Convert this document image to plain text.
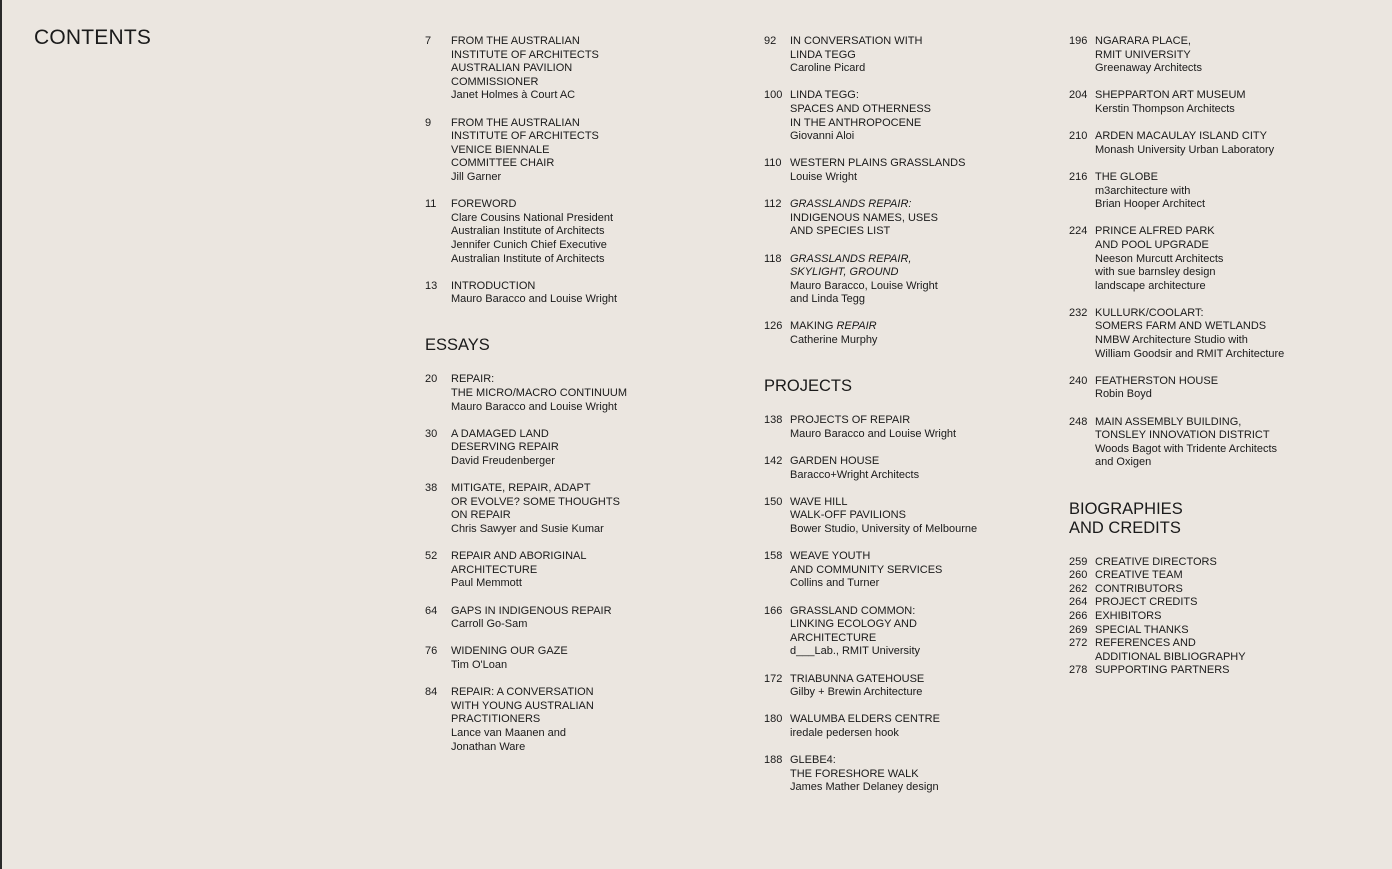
CONTENTS	7	FROM THE AUSTRALIAN
INSTITUTE OF ARCHITECTS
AUSTRALIAN PAVILION
COMMISSIONER
Janet Holmes à Court AC
9	FROM THE AUSTRALIAN
INSTITUTE OF ARCHITECTS
VENICE BIENNALE
COMMITTEE CHAIR
Jill Garner
11	FOREWORD
Clare Cousins National President
Australian Institute of Architects
Jennifer Cunich Chief Executive
Australian Institute of Architects
13	INTRODUCTION
Mauro Baracco and Louise Wright
ESSAYS
20	REPAIR:
THE MICRO/MACRO CONTINUUM
Mauro Baracco and Louise Wright
30	A DAMAGED LAND
DESERVING REPAIR
David Freudenberger
38	MITIGATE, REPAIR, ADAPT
OR EVOLVE? SOME THOUGHTS
ON REPAIR
Chris Sawyer and Susie Kumar
52	REPAIR AND ABORIGINAL
ARCHITECTURE
Paul Memmott
64	GAPS IN INDIGENOUS REPAIR
Carroll Go-Sam
76	WIDENING OUR GAZE
Tim O'Loan
84	REPAIR: A CONVERSATION
WITH YOUNG AUSTRALIAN
PRACTITIONERS
Lance van Maanen and
Jonathan Ware
92	IN CONVERSATION WITH
LINDA TEGG
Caroline Picard
100 LINDA TEGG:
SPACES AND OTHERNESS
IN THE ANTHROPOCENE
Giovanni Aloi
110 WESTERN PLAINS GRASSLANDS
Louise Wright
112 GRASSLANDS REPAIR:
INDIGENOUS NAMES, USES
AND SPECIES LIST
118 GRASSLANDS REPAIR,
SKYLIGHT, GROUND
Mauro Baracco, Louise Wright
and Linda Tegg
126 MAKING REPAIR
Catherine Murphy
PROJECTS
138 PROJECTS OF REPAIR
Mauro Baracco and Louise Wright
142 GARDEN HOUSE
Baracco+Wright Architects
150 WAVE HILL
WALK-OFF PAVILIONS
Bower Studio, University of Melbourne
158 WEAVE YOUTH
AND COMMUNITY SERVICES
Collins and Turner
166 GRASSLAND COMMON:
LINKING ECOLOGY AND
ARCHITECTURE
d___Lab., RMIT University
172 TRIABUNNA GATEHOUSE
Gilby + Brewin Architecture
180 WALUMBA ELDERS CENTRE
iredale pedersen hook
188 GLEBE4:
THE FORESHORE WALK
James Mather Delaney design
196 NGARARA PLACE,
RMIT UNIVERSITY
Greenaway Architects
204 SHEPPARTON ART MUSEUM
Kerstin Thompson Architects
210 ARDEN MACAULAY ISLAND CITY
Monash University Urban Laboratory
216 THE GLOBE
m3architecture with
Brian Hooper Architect
224 PRINCE ALFRED PARK
AND POOL UPGRADE
Neeson Murcutt Architects
with sue barnsley design
landscape architecture
232 KULLURK/COOLART:
SOMERS FARM AND WETLANDS
NMBW Architecture Studio with
William Goodsir and RMIT Architecture
240 FEATHERSTON HOUSE
Robin Boyd
248 MAIN ASSEMBLY BUILDING,
TONSLEY INNOVATION DISTRICT
Woods Bagot with Tridente Architects
and Oxigen
BIOGRAPHIES
AND CREDITS
259 CREATIVE DIRECTORS
260 CREATIVE TEAM
262 CONTRIBUTORS
264 PROJECT CREDITS
266 EXHIBITORS
269 SPECIAL THANKS
272 REFERENCES AND
ADDITIONAL BIBLIOGRAPHY
278 SUPPORTING PARTNERS
